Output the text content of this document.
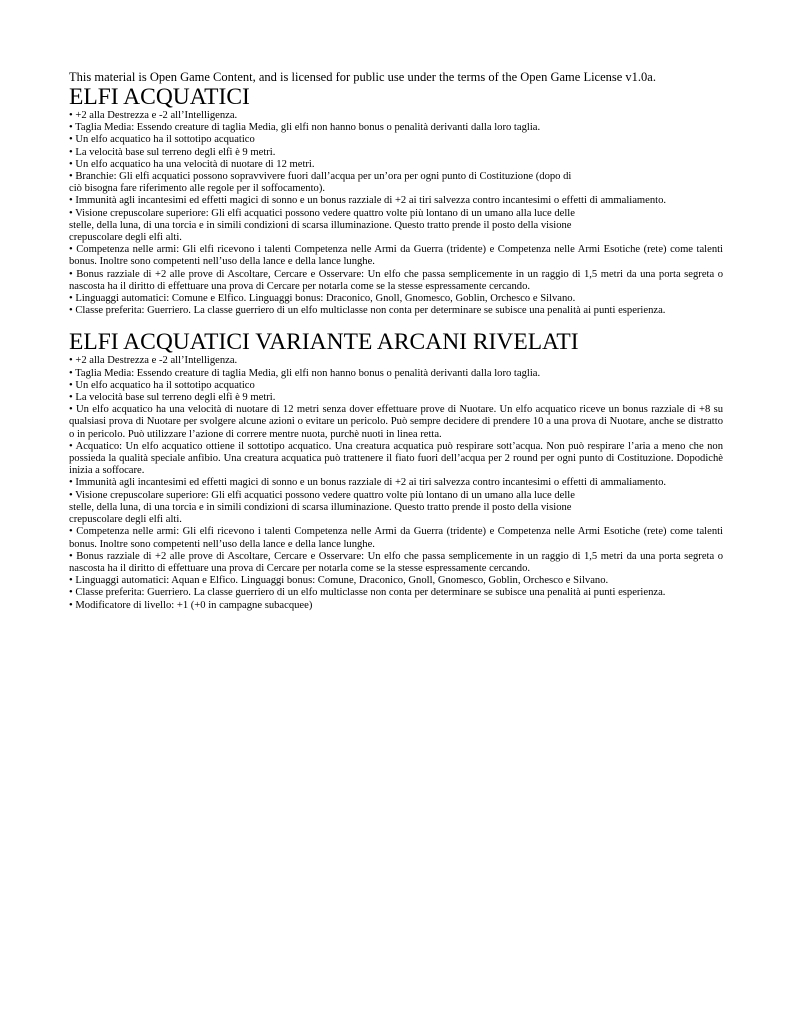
This material is Open Game Content, and is licensed for public use under the terms of the Open Game License v1.0a.

ELFI ACQUATICI

• +2 alla Destrezza e -2 all’Intelligenza.

• Taglia Media: Essendo creature di taglia Media, gli elfi non hanno bonus o penalità derivanti dalla loro taglia.

• Un elfo acquatico ha il sottotipo acquatico

• La velocità base sul terreno degli elfi è 9 metri.

• Un elfo acquatico ha una velocità di nuotare di 12 metri.

• Branchie: Gli elfi acquatici possono sopravvivere fuori dall’acqua per un’ora per ogni punto di Costituzione (dopo di
ciò bisogna fare riferimento alle regole per il soffocamento).

• Immunità agli incantesimi ed effetti magici di sonno e un bonus razziale di +2 ai tiri salvezza contro incantesimi o effetti di ammaliamento.

• Visione crepuscolare superiore: Gli elfi acquatici possono vedere quattro volte più lontano di un umano alla luce delle
stelle, della luna, di una torcia e in simili condizioni di scarsa illuminazione. Questo tratto prende il posto della visione
crepuscolare degli elfi alti.

• Competenza nelle armi: Gli elfi ricevono i talenti Competenza nelle Armi da Guerra (tridente) e Competenza nelle Armi Esotiche (rete) come talenti bonus. Inoltre sono competenti nell’uso della lance e della lance lunghe.

• Bonus razziale di +2 alle prove di Ascoltare, Cercare e Osservare: Un elfo che passa semplicemente in un raggio di 1,5 metri da una porta segreta o nascosta ha il diritto di effettuare una prova di Cercare per notarla come se la stesse espressamente cercando.

• Linguaggi automatici: Comune e Elfico. Linguaggi bonus: Draconico, Gnoll, Gnomesco, Goblin, Orchesco e Silvano.

• Classe preferita: Guerriero. La classe guerriero di un elfo multiclasse non conta per determinare se subisce una penalità ai punti esperienza.

ELFI ACQUATICI VARIANTE ARCANI RIVELATI

• +2 alla Destrezza e -2 all’Intelligenza.

• Taglia Media: Essendo creature di taglia Media, gli elfi non hanno bonus o penalità derivanti dalla loro taglia.

• Un elfo acquatico ha il sottotipo acquatico

• La velocità base sul terreno degli elfi è 9 metri.

• Un elfo acquatico ha una velocità di nuotare di 12 metri senza dover effettuare prove di Nuotare. Un elfo acquatico riceve un bonus razziale di +8 su qualsiasi prova di Nuotare per svolgere alcune azioni o evitare un pericolo. Può sempre decidere di prendere 10 a una prova di Nuotare, anche se distratto o in pericolo. Può utilizzare l’azione di correre mentre nuota, purchè nuoti in linea retta.

• Acquatico: Un elfo acquatico ottiene il sottotipo acquatico. Una creatura acquatica può respirare sott’acqua. Non può respirare l’aria a meno che non possieda la qualità speciale anfibio. Una creatura acquatica può trattenere il fiato fuori dell’acqua per 2 round per ogni punto di Costituzione. Dopodichè inizia a soffocare.

• Immunità agli incantesimi ed effetti magici di sonno e un bonus razziale di +2 ai tiri salvezza contro incantesimi o effetti di ammaliamento.

• Visione crepuscolare superiore: Gli elfi acquatici possono vedere quattro volte più lontano di un umano alla luce delle
stelle, della luna, di una torcia e in simili condizioni di scarsa illuminazione. Questo tratto prende il posto della visione
crepuscolare degli elfi alti.

• Competenza nelle armi: Gli elfi ricevono i talenti Competenza nelle Armi da Guerra (tridente) e Competenza nelle Armi Esotiche (rete) come talenti bonus. Inoltre sono competenti nell’uso della lance e della lance lunghe.

• Bonus razziale di +2 alle prove di Ascoltare, Cercare e Osservare: Un elfo che passa semplicemente in un raggio di 1,5 metri da una porta segreta o nascosta ha il diritto di effettuare una prova di Cercare per notarla come se la stesse espressamente cercando.

• Linguaggi automatici: Aquan e Elfico. Linguaggi bonus: Comune, Draconico, Gnoll, Gnomesco, Goblin, Orchesco e Silvano.

• Classe preferita: Guerriero. La classe guerriero di un elfo multiclasse non conta per determinare se subisce una penalità ai punti esperienza.

• Modificatore di livello: +1 (+0 in campagne subacquee)
